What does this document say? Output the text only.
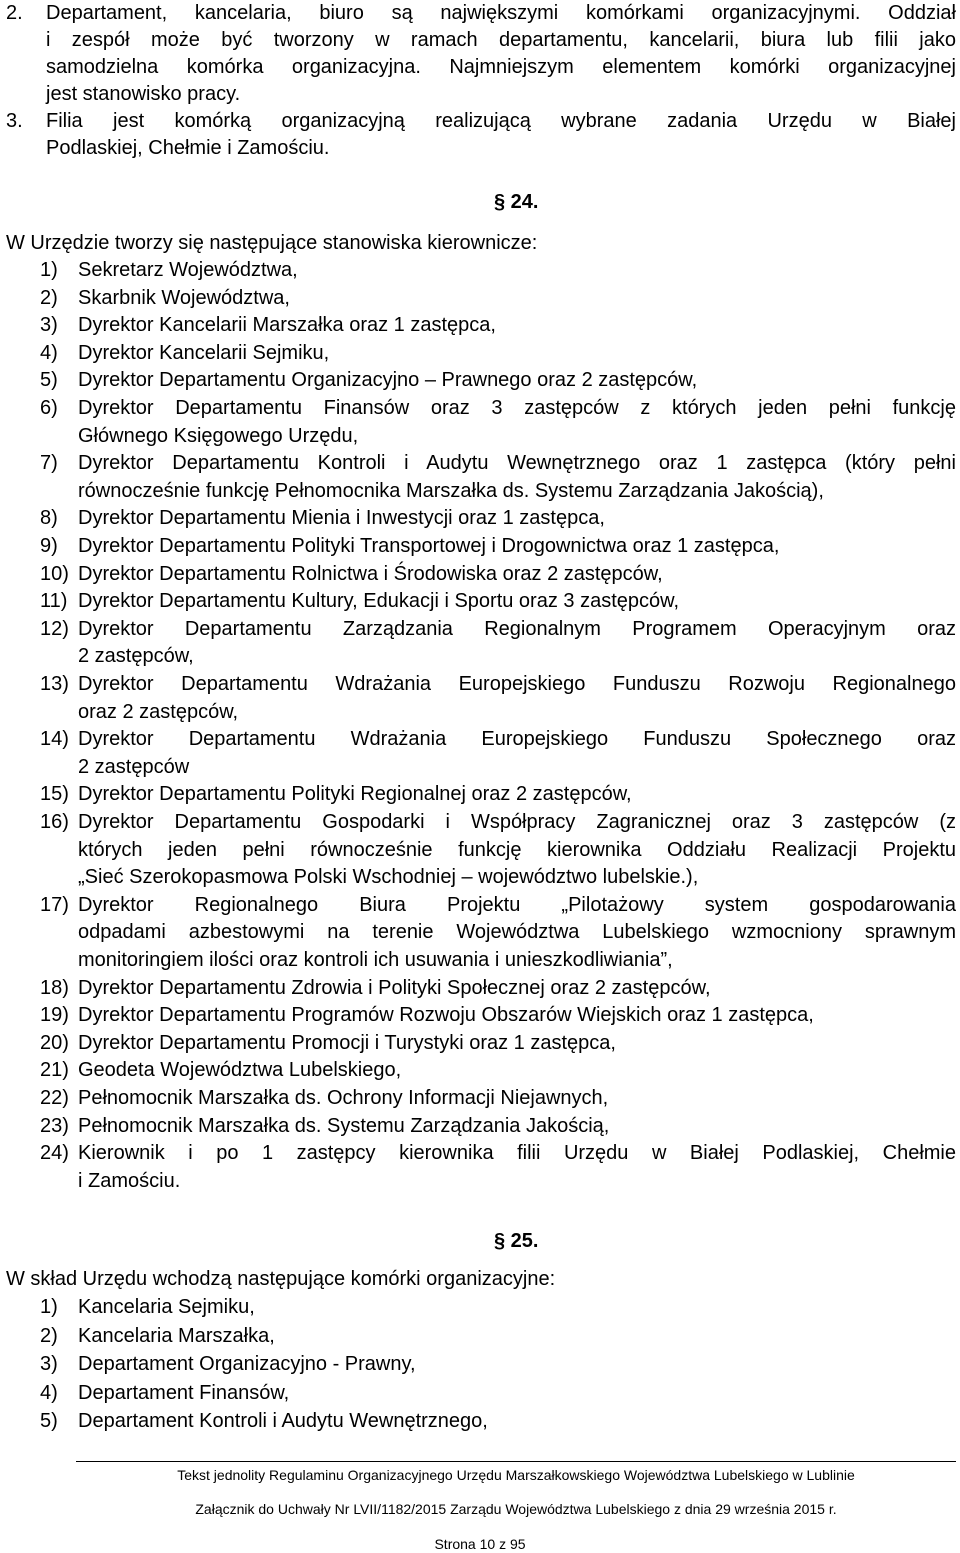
2. Departament, kancelaria, biuro są największymi komórkami organizacyjnymi. Oddział
i zespół może być tworzony w ramach departamentu, kancelarii, biura lub filii jako
samodzielna komórka organizacyjna. Najmniejszym elementem komórki organizacyjnej
jest stanowisko pracy.
3. Filia jest komórką organizacyjną realizującą wybrane zadania Urzędu w Białej
Podlaskiej, Chełmie i Zamościu.
§ 24.
W Urzędzie tworzy się następujące stanowiska kierownicze:
1) Sekretarz Województwa,
2) Skarbnik Województwa,
3) Dyrektor Kancelarii Marszałka oraz 1 zastępca,
4) Dyrektor Kancelarii Sejmiku,
5) Dyrektor Departamentu Organizacyjno – Prawnego oraz 2 zastępców,
6) Dyrektor Departamentu Finansów oraz 3 zastępców z których jeden pełni funkcję
Głównego Księgowego Urzędu,
7) Dyrektor Departamentu Kontroli i Audytu Wewnętrznego oraz 1 zastępca (który pełni
równocześnie funkcję Pełnomocnika Marszałka ds. Systemu Zarządzania Jakością),
8) Dyrektor Departamentu Mienia i Inwestycji oraz 1 zastępca,
9) Dyrektor Departamentu Polityki Transportowej i Drogownictwa oraz 1 zastępca,
10) Dyrektor Departamentu Rolnictwa i Środowiska oraz 2 zastępców,
11) Dyrektor Departamentu Kultury, Edukacji i Sportu oraz 3 zastępców,
12) Dyrektor Departamentu Zarządzania Regionalnym Programem Operacyjnym oraz
2 zastępców,
13) Dyrektor Departamentu Wdrażania Europejskiego Funduszu Rozwoju Regionalnego
oraz 2 zastępców,
14) Dyrektor Departamentu Wdrażania Europejskiego Funduszu Społecznego oraz
2 zastępców
15) Dyrektor Departamentu Polityki Regionalnej oraz 2 zastępców,
16) Dyrektor Departamentu Gospodarki i Współpracy Zagranicznej oraz 3 zastępców (z
których jeden pełni równocześnie funkcję kierownika Oddziału Realizacji Projektu
„Sieć Szerokopasmowa Polski Wschodniej – województwo lubelskie.),
17) Dyrektor Regionalnego Biura Projektu „Pilotażowy system gospodarowania
odpadami azbestowymi na terenie Województwa Lubelskiego wzmocniony sprawnym
monitoringiem ilości oraz kontroli ich usuwania i unieszkodliwiania”,
18) Dyrektor Departamentu Zdrowia i Polityki Społecznej oraz 2 zastępców,
19) Dyrektor Departamentu Programów Rozwoju Obszarów Wiejskich oraz 1 zastępca,
20) Dyrektor Departamentu Promocji i Turystyki oraz 1 zastępca,
21) Geodeta Województwa Lubelskiego,
22) Pełnomocnik Marszałka ds. Ochrony Informacji Niejawnych,
23) Pełnomocnik Marszałka ds. Systemu Zarządzania Jakością,
24) Kierownik i po 1 zastępcy kierownika filii Urzędu w Białej Podlaskiej, Chełmie
i Zamościu.
§ 25.
W skład Urzędu wchodzą następujące komórki organizacyjne:
1) Kancelaria Sejmiku,
2) Kancelaria Marszałka,
3) Departament Organizacyjno - Prawny,
4) Departament Finansów,
5) Departament Kontroli i Audytu Wewnętrznego,
Tekst jednolity Regulaminu Organizacyjnego Urzędu Marszałkowskiego Województwa Lubelskiego w Lublinie
Załącznik do Uchwały Nr LVII/1182/2015 Zarządu Województwa Lubelskiego z dnia 29 września 2015 r.
Strona 10 z 95
